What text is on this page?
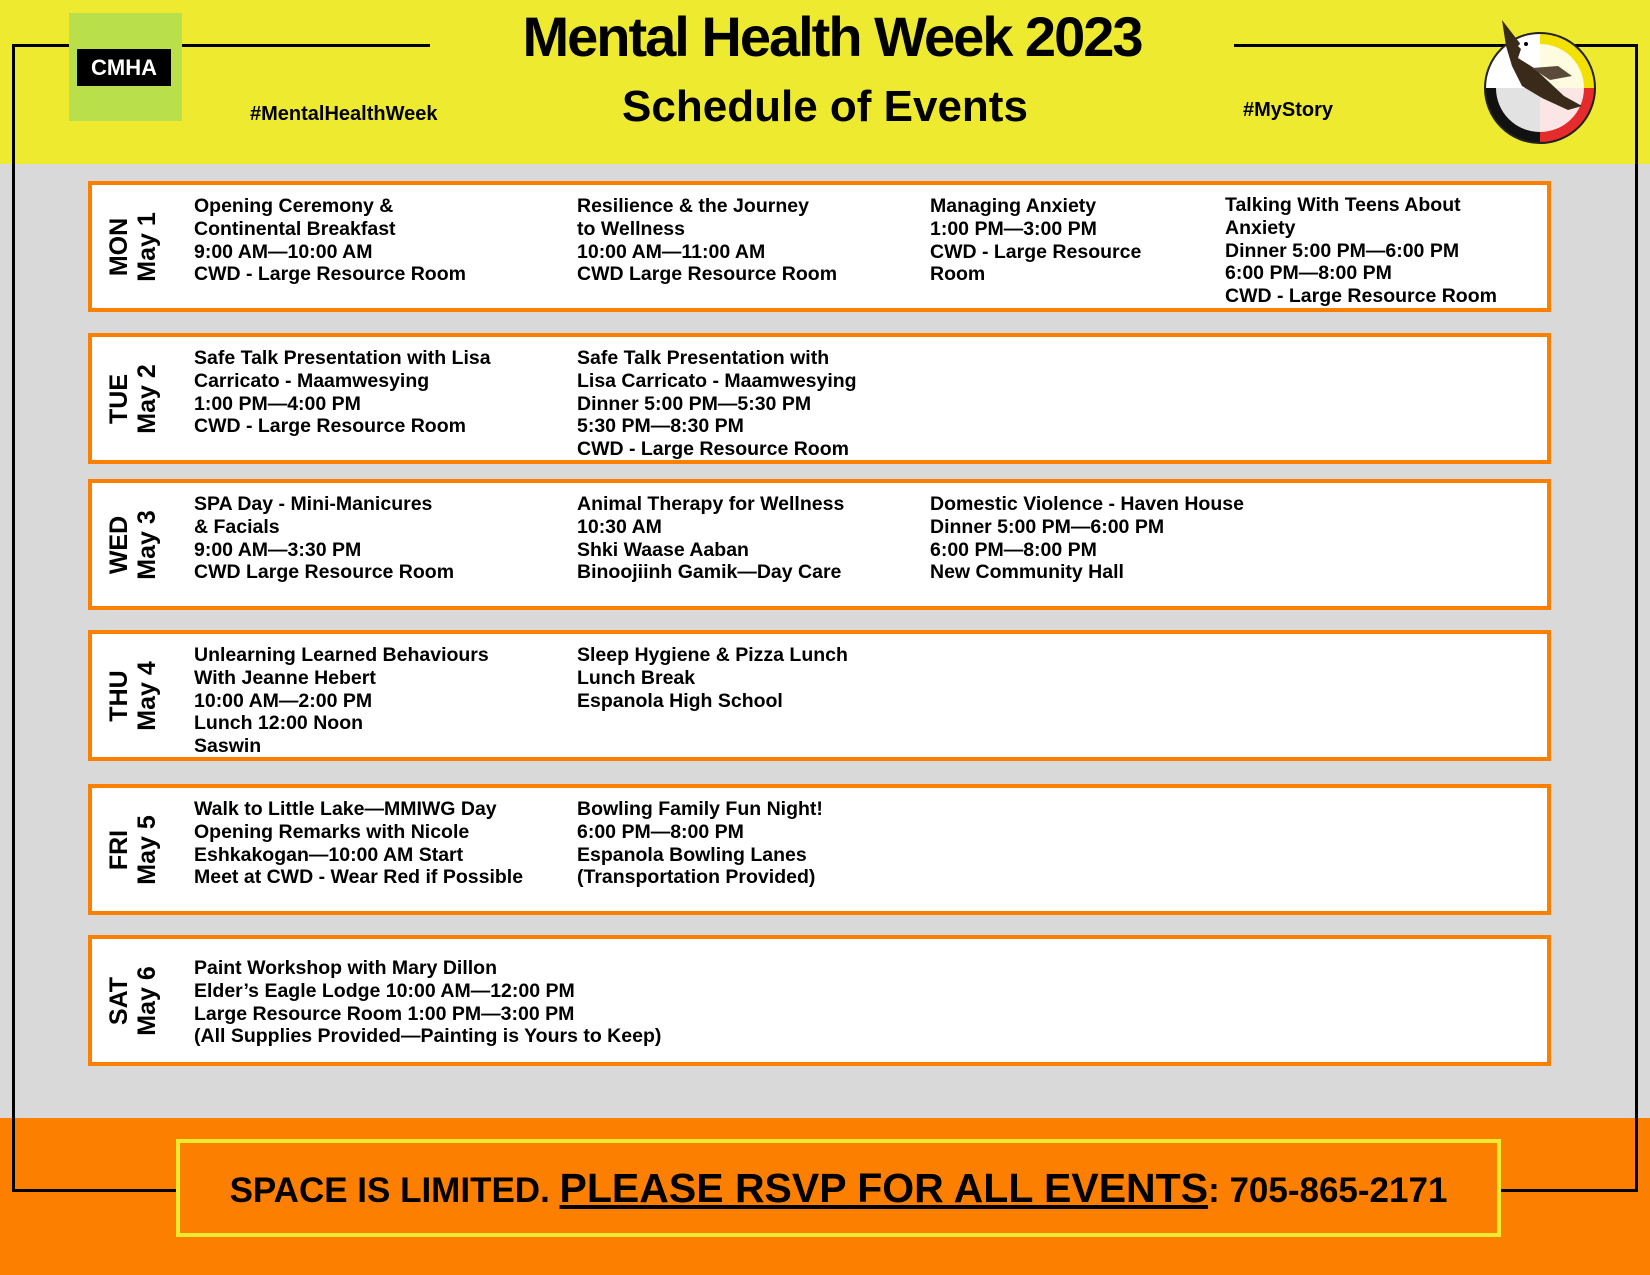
CMHA	Mental Health Week 2023
Schedule of Events
#MentalHealthWeek	#MyStory
MON May 1
Opening Ceremony &
Continental Breakfast
9:00 AM—10:00 AM
CWD - Large Resource Room
Resilience & the Journey
to Wellness
10:00 AM—11:00 AM
CWD Large Resource Room
Managing Anxiety
1:00 PM—3:00 PM
CWD - Large Resource
Room
Talking With Teens About
Anxiety
Dinner 5:00 PM—6:00 PM
6:00 PM—8:00 PM
CWD - Large Resource Room
TUE May 2
Safe Talk Presentation with Lisa
Carricato - Maamwesying
1:00 PM—4:00 PM
CWD - Large Resource Room
Safe Talk Presentation with
Lisa Carricato - Maamwesying
Dinner 5:00 PM—5:30 PM
5:30 PM—8:30 PM
CWD - Large Resource Room
WED May 3
SPA Day - Mini-Manicures
& Facials
9:00 AM—3:30 PM
CWD Large Resource Room
Animal Therapy for Wellness
10:30 AM
Shki Waase Aaban
Binoojiinh Gamik—Day Care
Domestic Violence - Haven House
Dinner 5:00 PM—6:00 PM
6:00 PM—8:00 PM
New Community Hall
THU May 4
Unlearning Learned Behaviours
With Jeanne Hebert
10:00 AM—2:00 PM
Lunch 12:00 Noon
Saswin
Sleep Hygiene & Pizza Lunch
Lunch Break
Espanola High School
FRI May 5
Walk to Little Lake—MMIWG Day
Opening Remarks with Nicole
Eshkakogan—10:00 AM Start
Meet at CWD - Wear Red if Possible
Bowling Family Fun Night!
6:00 PM—8:00 PM
Espanola Bowling Lanes
(Transportation Provided)
SAT May 6 Paint Workshop with Mary Dillon
Elder’s Eagle Lodge 10:00 AM—12:00 PM
Large Resource Room 1:00 PM—3:00 PM
(All Supplies Provided—Painting is Yours to Keep)
SPACE IS LIMITED. PLEASE RSVP FOR ALL EVENTS: 705-865-2171
